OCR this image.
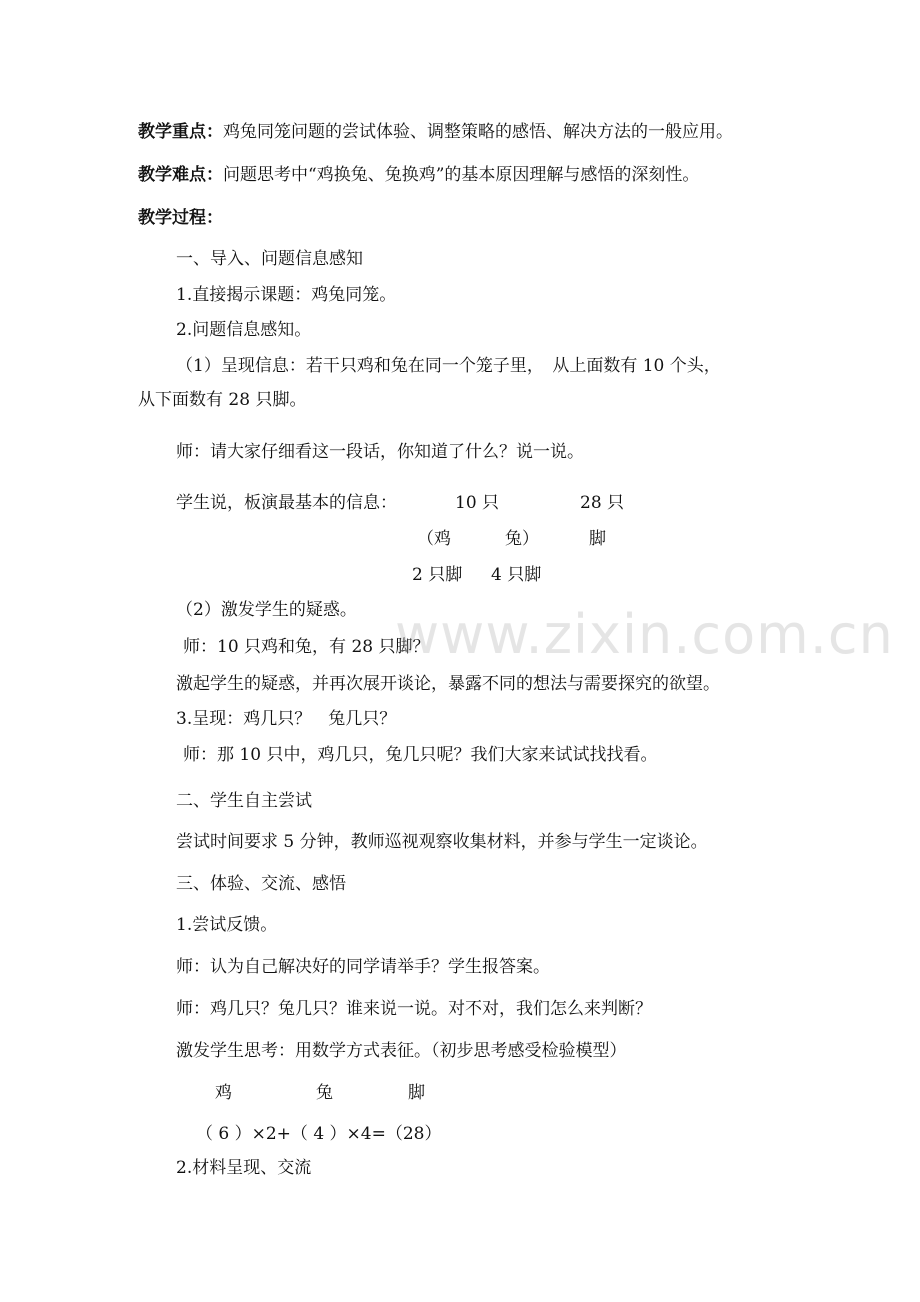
教学重点：鸡兔同笼问题的尝试体验、调整策略的感悟、解决方法的一般应用。
教学难点：问题思考中“鸡换兔、兔换鸡”的基本原因理解与感悟的深刻性。
教学过程：
一、导入、问题信息感知
1.直接揭示课题：鸡兔同笼。
2.问题信息感知。
（1）呈现信息：若干只鸡和兔在同一个笼子里，　从上面数有 10 个头，
从下面数有 28 只脚。
师：请大家仔细看这一段话，你知道了什么？说一说。
学生说，板演最基本的信息：	10 只	28 只
（鸡	兔）	脚
2 只脚 4 只脚
（2）激发学生的疑惑。
师：10 只鸡和兔，有 28 只脚？
激起学生的疑惑，并再次展开谈论，暴露不同的想法与需要探究的欲望。
3.呈现：鸡几只？　兔几只？
师：那 10 只中，鸡几只，兔几只呢？我们大家来试试找找看。
二、学生自主尝试
尝试时间要求 5 分钟，教师巡视观察收集材料，并参与学生一定谈论。
三、体验、交流、感悟
1.尝试反馈。
师：认为自己解决好的同学请举手？学生报答案。
师：鸡几只？兔几只？谁来说一说。对不对，我们怎么来判断？
激发学生思考：用数学方式表征。（初步思考感受检验模型）
鸡	兔	脚
（ 6 ）×2+（ 4 ）×4=（28）
2.材料呈现、交流
www.zixin.com.cn
